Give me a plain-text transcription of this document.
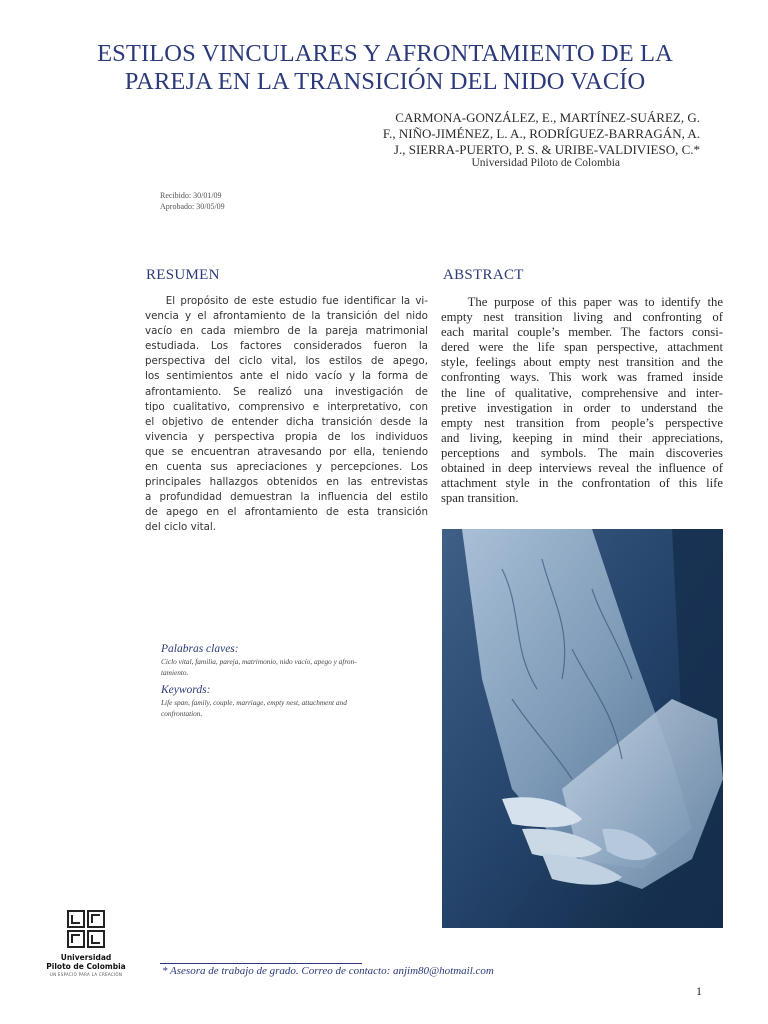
ESTILOS VINCULARES Y AFRONTAMIENTO DE LA
PAREJA EN LA TRANSICIÓN DEL NIDO VACÍO
CARMONA-GONZÁLEZ, E., MARTÍNEZ-SUÁREZ, G.
F., NIÑO-JIMÉNEZ, L. A., RODRÍGUEZ-BARRAGÁN, A.
J., SIERRA-PUERTO, P. S. & URIBE-VALDIVIESO, C.*
Universidad Piloto de Colombia
Recibido: 30/01/09
Aprobado: 30/05/09
RESUMEN	ABSTRACT
El propósito de este estudio fue identificar la vi-
vencia y el afrontamiento de la transición del nido
vacío en cada miembro de la pareja matrimonial
estudiada. Los factores considerados fueron la
perspectiva del ciclo vital, los estilos de apego,
los sentimientos ante el nido vacío y la forma de
afrontamiento. Se realizó una investigación de
tipo cualitativo, comprensivo e interpretativo, con
el objetivo de entender dicha transición desde la
vivencia y perspectiva propia de los individuos
que se encuentran atravesando por ella, teniendo
en cuenta sus apreciaciones y percepciones. Los
principales hallazgos obtenidos en las entrevistas
a profundidad demuestran la influencia del estilo
de apego en el afrontamiento de esta transición
del ciclo vital.
The purpose of this paper was to identify the
empty nest transition living and confronting of
each marital couple’s member. The factors consi-
dered were the life span perspective, attachment
style, feelings about empty nest transition and the
confronting ways. This work was framed inside
the line of qualitative, comprehensive and inter-
pretive investigation in order to understand the
empty nest transition from people’s perspective
and living, keeping in mind their appreciations,
perceptions and symbols. The main discoveries
obtained in deep interviews reveal the influence of
attachment style in the confrontation of this life
span transition.
Palabras claves:
Ciclo vital, familia, pareja, matrimonio, nido vacío, apego y afron-
tamiento.
Keywords:
Life span, family, couple, marriage, empty nest, attachment and
confrontation.
Universidad
Piloto de Colombia
UN ESPACIO PARA LA CREACIÓN	* Asesora de trabajo de grado. Correo de contacto: anjim80@hotmail.com
1
